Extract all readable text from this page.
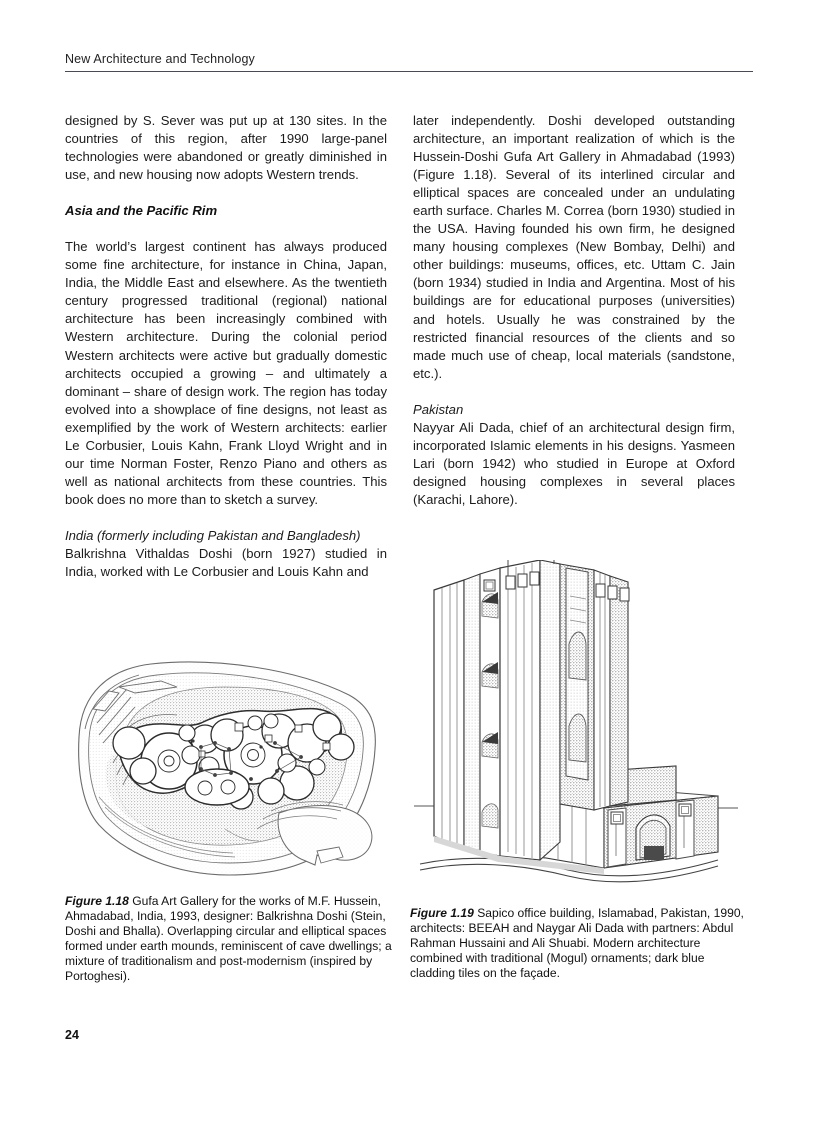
New Architecture and Technology

designed by S. Sever was put up at 130 sites. In the countries of this region, after 1990 large-panel technologies were abandoned or greatly diminished in use, and new housing now adopts Western trends.

Asia and the Pacific Rim

The world’s largest continent has always produced some fine architecture, for instance in China, Japan, India, the Middle East and elsewhere. As the twentieth century progressed traditional (regional) national architecture has been increasingly combined with Western architecture. During the colonial period Western architects were active but gradually domestic architects occupied a growing – and ultimately a dominant – share of design work. The region has today evolved into a showplace of fine designs, not least as exemplified by the work of Western architects: earlier Le Corbusier, Louis Kahn, Frank Lloyd Wright and in our time Norman Foster, Renzo Piano and others as well as national architects from these countries. This book does no more than to sketch a survey.

India (formerly including Pakistan and Bangladesh)

Balkrishna Vithaldas Doshi (born 1927) studied in India, worked with Le Corbusier and Louis Kahn and

later independently. Doshi developed outstanding architecture, an important realization of which is the Hussein-Doshi Gufa Art Gallery in Ahmadabad (1993) (Figure 1.18). Several of its interlined circular and elliptical spaces are concealed under an undulating earth surface. Charles M. Correa (born 1930) studied in the USA. Having founded his own firm, he designed many housing complexes (New Bombay, Delhi) and other buildings: museums, offices, etc. Uttam C. Jain (born 1934) studied in India and Argentina. Most of his buildings are for educational purposes (universities) and hotels. Usually he was constrained by the restricted financial resources of the clients and so made much use of cheap, local materials (sandstone, etc.).

Pakistan

Nayyar Ali Dada, chief of an architectural design firm, incorporated Islamic elements in his designs. Yasmeen Lari (born 1942) who studied in Europe at Oxford designed housing complexes in several places (Karachi, Lahore).

Figure 1.18 Gufa Art Gallery for the works of M.F. Hussein, Ahmadabad, India, 1993, designer: Balkrishna Doshi (Stein, Doshi and Bhalla). Overlapping circular and elliptical spaces formed under earth mounds, reminiscent of cave dwellings; a mixture of traditionalism and post-modernism (inspired by Portoghesi).
Figure 1.19 Sapico office building, Islamabad, Pakistan, 1990, architects: BEEAH and Naygar Ali Dada with partners: Abdul Rahman Hussaini and Ali Shuabi. Modern architecture combined with traditional (Mogul) ornaments; dark blue cladding tiles on the façade.
24
